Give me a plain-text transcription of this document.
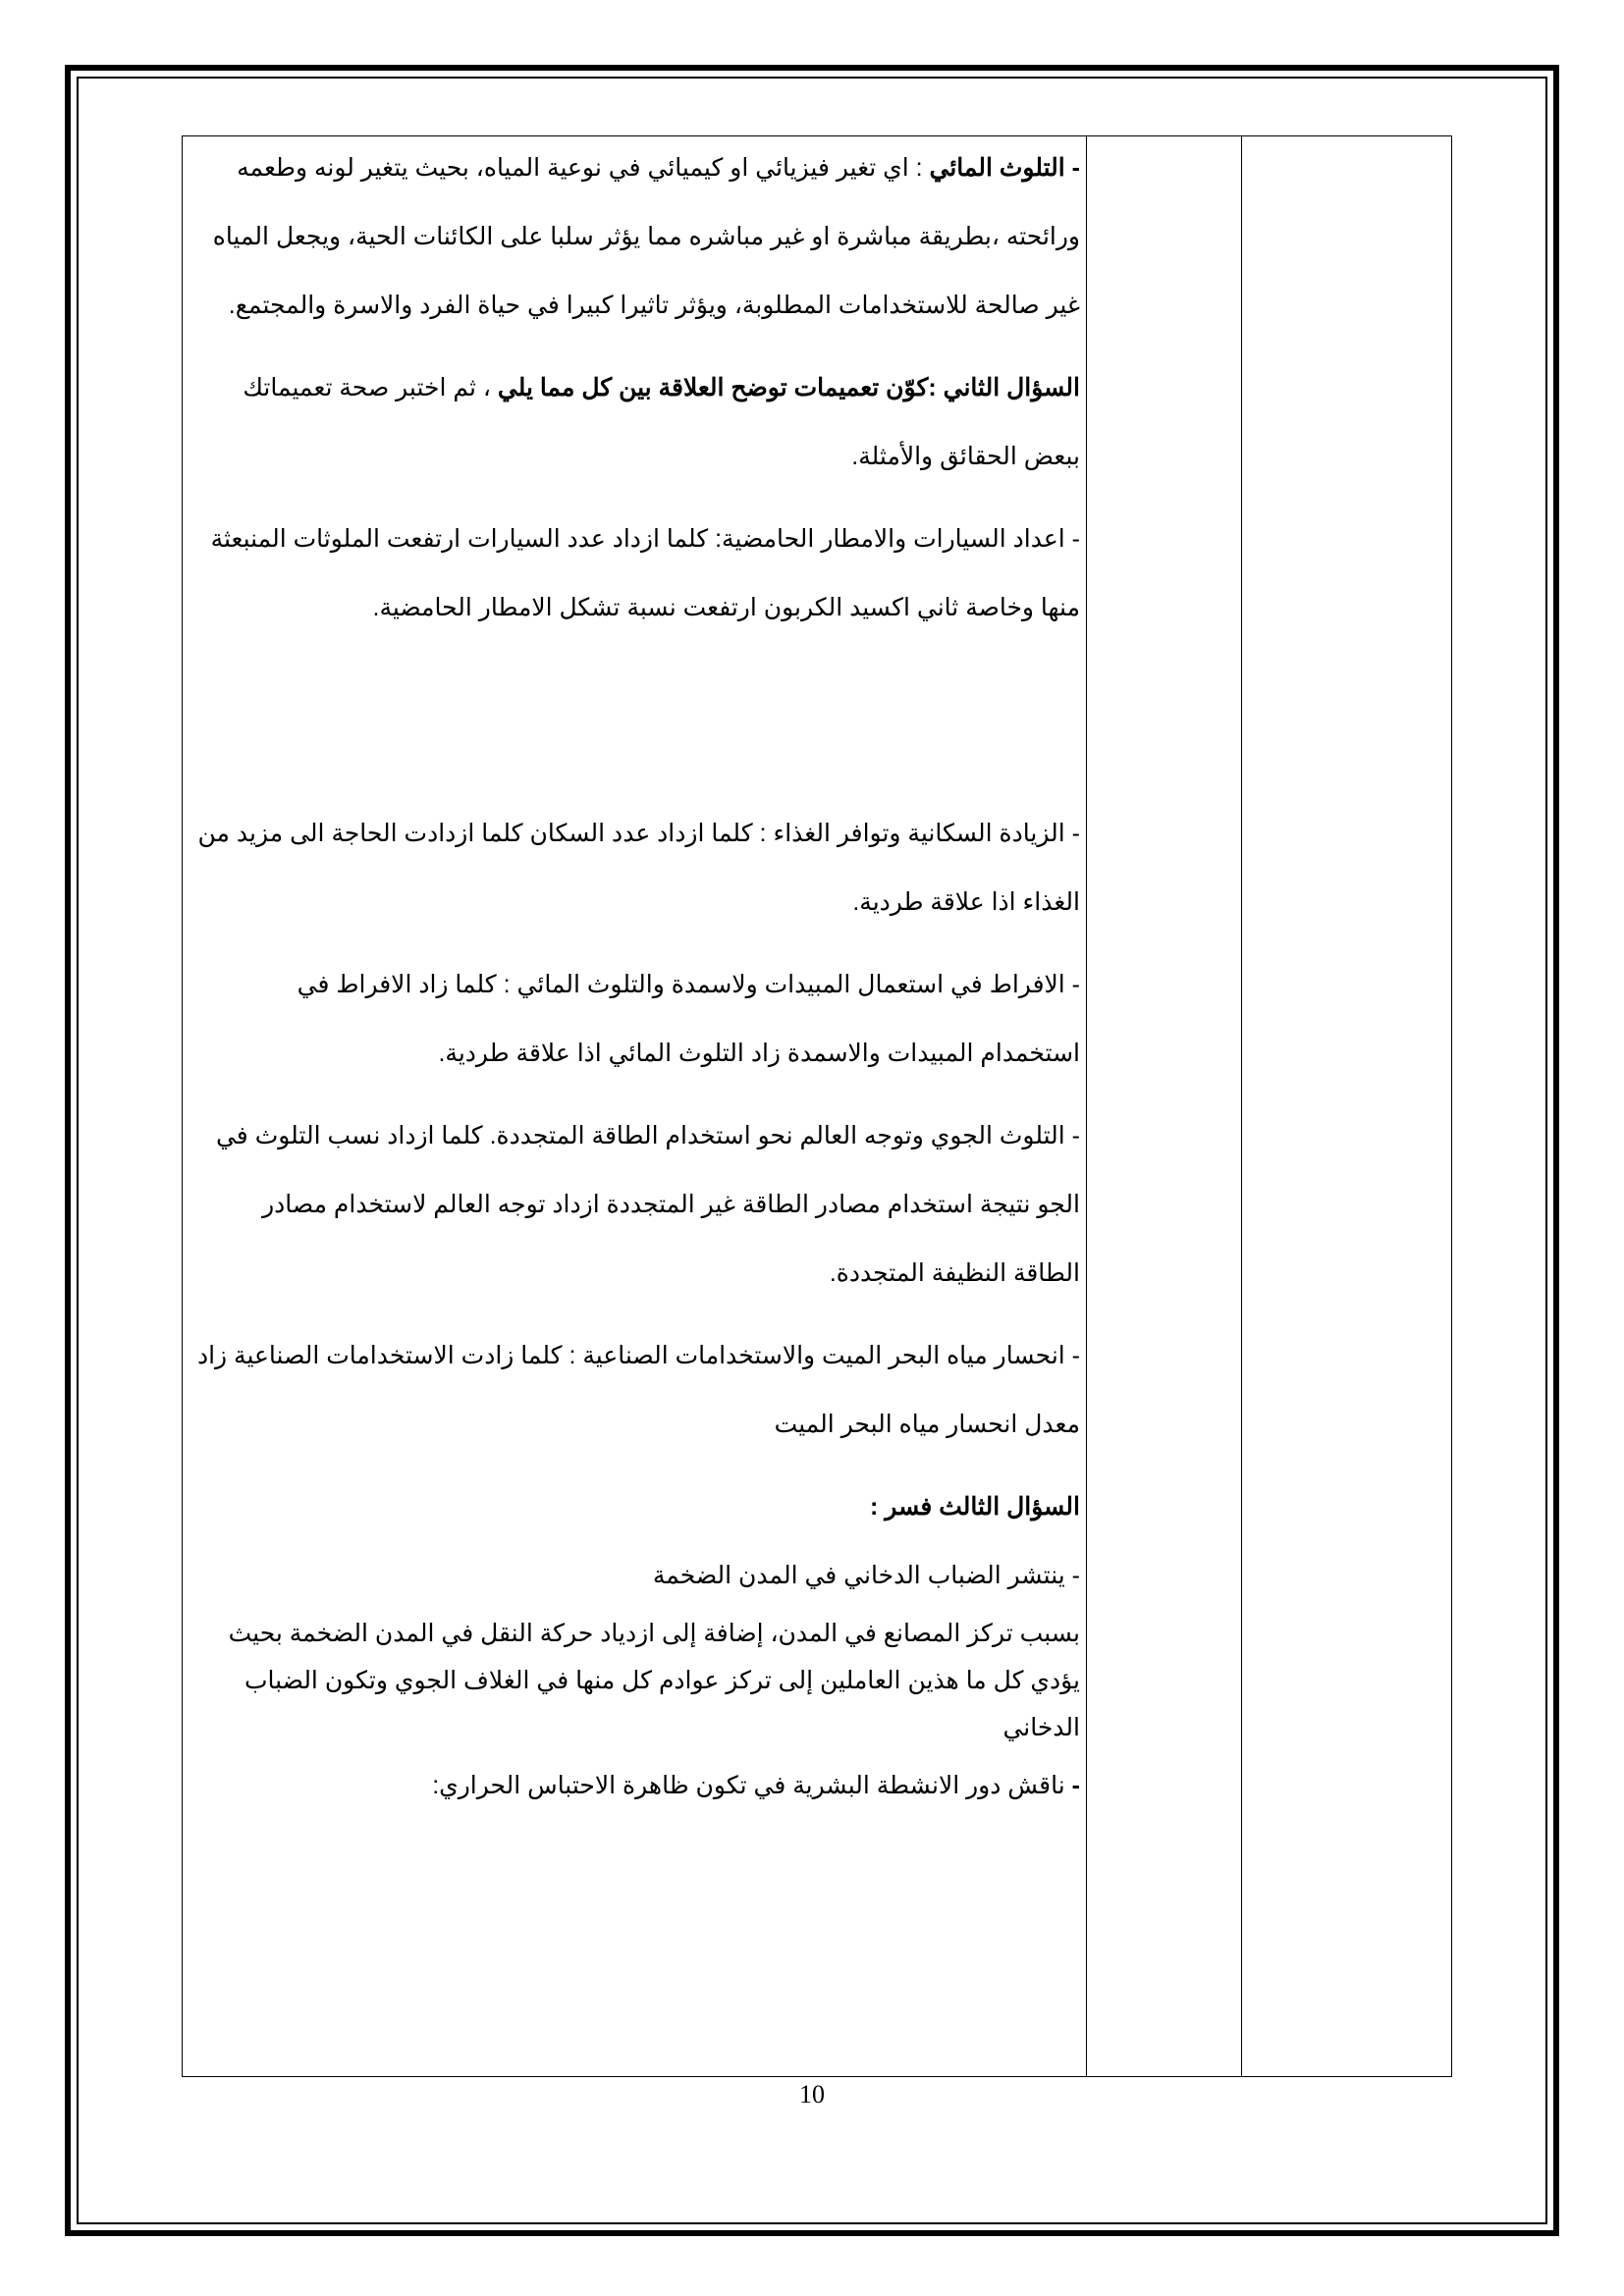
- التلوث المائي : اي تغير فيزيائي او كيميائي في نوعية المياه، بحيث يتغير لونه وطعمه ورائحته ،بطريقة مباشرة او غير مباشره مما يؤثر سلبا على الكائنات الحية، ويجعل المياه غير صالحة للاستخدامات المطلوبة، ويؤثر تاثيرا كبيرا في حياة الفرد والاسرة والمجتمع.

السؤال الثاني :كوّن تعميمات توضح العلاقة بين كل مما يلي ، ثم اختبر صحة تعميماتك ببعض الحقائق والأمثلة.

- اعداد السيارات والامطار الحامضية: كلما ازداد عدد السيارات ارتفعت الملوثات المنبعثة منها وخاصة ثاني اكسيد الكربون ارتفعت نسبة تشكل الامطار الحامضية.

- الزيادة السكانية وتوافر الغذاء : كلما ازداد عدد السكان كلما ازدادت الحاجة الى مزيد من الغذاء اذا علاقة طردية.

- الافراط في استعمال المبيدات ولاسمدة والتلوث المائي : كلما زاد الافراط في استخمدام المبيدات والاسمدة زاد التلوث المائي اذا علاقة طردية.

- التلوث الجوي وتوجه العالم نحو استخدام الطاقة المتجددة. كلما ازداد نسب التلوث في الجو نتيجة استخدام مصادر الطاقة غير المتجددة ازداد توجه العالم لاستخدام مصادر الطاقة النظيفة المتجددة.

- انحسار مياه البحر الميت والاستخدامات الصناعية : كلما زادت الاستخدامات الصناعية زاد معدل انحسار مياه البحر الميت

السؤال الثالث فسر :

- ينتشر الضباب الدخاني في المدن الضخمة

بسبب تركز المصانع في المدن، إضافة إلى ازدياد حركة النقل في المدن الضخمة بحيث يؤدي كل ما هذين العاملين إلى تركز عوادم كل منها في الغلاف الجوي وتكون الضباب الدخاني

- ناقش دور الانشطة البشرية في تكون ظاهرة الاحتباس الحراري:

10
